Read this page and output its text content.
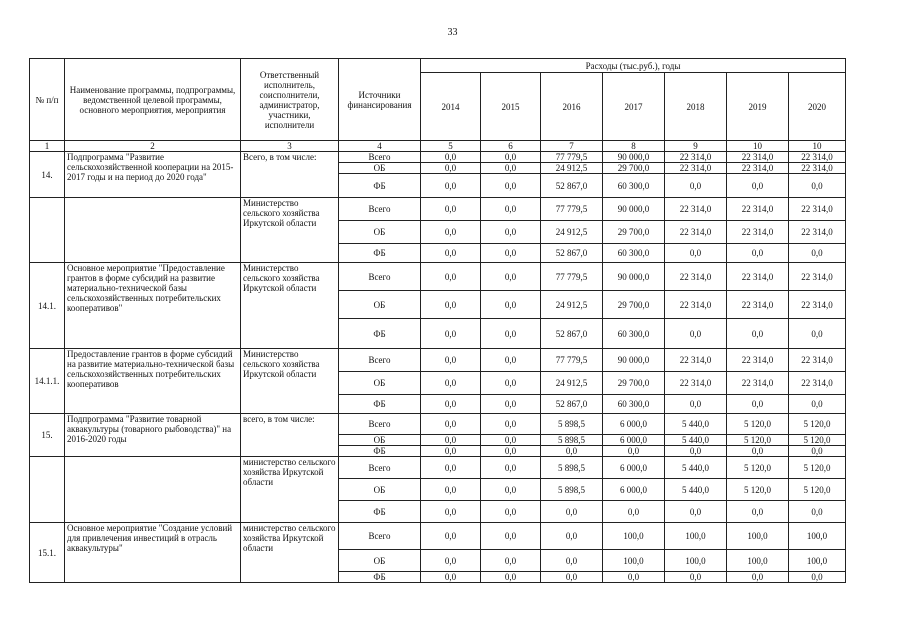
33
№ п/п	Наименование программы, подпрограммы, ведомственной целевой программы, основного мероприятия, мероприятия	Ответственный исполнитель, соисполнители, администратор, участники, исполнители	Источники финансирования	Расходы (тыс.руб.), годы						
				2014	2015	2016	2017	2018	2019	2020
1	2	3	4	5	6	7	8	9	10	10
14.	Подпрограмма "Развитие сельскохозяйственной кооперации на 2015-2017 годы и на период до 2020 года"	Всего, в том числе:	Всего	0,0	0,0	77 779,5	90 000,0	22 314,0	22 314,0	22 314,0
			ОБ	0,0	0,0	24 912,5	29 700,0	22 314,0	22 314,0	22 314,0
			ФБ	0,0	0,0	52 867,0	60 300,0	0,0	0,0	0,0
		Министерство сельского хозяйства Иркутской области	Всего	0,0	0,0	77 779,5	90 000,0	22 314,0	22 314,0	22 314,0
			ОБ	0,0	0,0	24 912,5	29 700,0	22 314,0	22 314,0	22 314,0
			ФБ	0,0	0,0	52 867,0	60 300,0	0,0	0,0	0,0
14.1.	Основное мероприятие "Предоставление грантов в форме субсидий на развитие материально-технической базы сельскохозяйственных потребительских кооперативов"	Министерство сельского хозяйства Иркутской области	Всего	0,0	0,0	77 779,5	90 000,0	22 314,0	22 314,0	22 314,0
			ОБ	0,0	0,0	24 912,5	29 700,0	22 314,0	22 314,0	22 314,0
			ФБ	0,0	0,0	52 867,0	60 300,0	0,0	0,0	0,0
14.1.1.	Предоставление грантов в форме субсидий на развитие материально-технической базы сельскохозяйственных потребительских кооперативов	Министерство сельского хозяйства Иркутской области	Всего	0,0	0,0	77 779,5	90 000,0	22 314,0	22 314,0	22 314,0
			ОБ	0,0	0,0	24 912,5	29 700,0	22 314,0	22 314,0	22 314,0
			ФБ	0,0	0,0	52 867,0	60 300,0	0,0	0,0	0,0
15.	Подпрограмма "Развитие товарной аквакультуры (товарного рыбоводства)" на 2016-2020 годы	всего, в том числе:	Всего	0,0	0,0	5 898,5	6 000,0	5 440,0	5 120,0	5 120,0
			ОБ	0,0	0,0	5 898,5	6 000,0	5 440,0	5 120,0	5 120,0
			ФБ	0,0	0,0	0,0	0,0	0,0	0,0	0,0
		министерство сельского хозяйства Иркутской области	Всего	0,0	0,0	5 898,5	6 000,0	5 440,0	5 120,0	5 120,0
			ОБ	0,0	0,0	5 898,5	6 000,0	5 440,0	5 120,0	5 120,0
			ФБ	0,0	0,0	0,0	0,0	0,0	0,0	0,0
15.1.	Основное мероприятие "Создание условий для привлечения инвестиций в отрасль аквакультуры"	министерство сельского хозяйства Иркутской области	Всего	0,0	0,0	0,0	100,0	100,0	100,0	100,0
			ОБ	0,0	0,0	0,0	100,0	100,0	100,0	100,0
			ФБ	0,0	0,0	0,0	0,0	0,0	0,0	0,0
